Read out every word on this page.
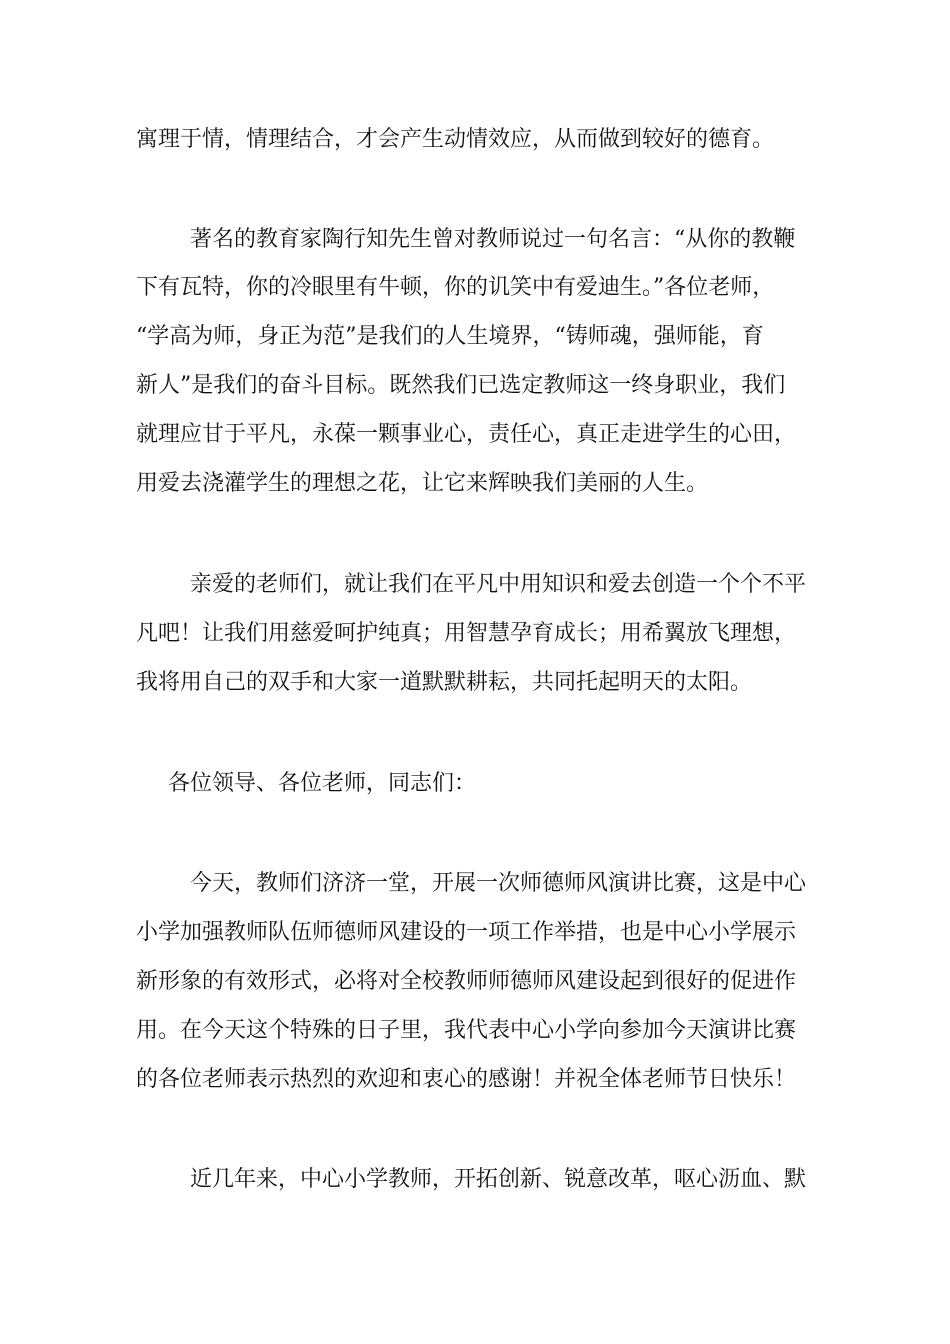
寓理于情，情理结合，才会产生动情效应，从而做到较好的德育。
著名的教育家陶行知先生曾对教师说过一句名言：“从你的教鞭
下有瓦特，你的冷眼里有牛顿，你的讥笑中有爱迪生。”各位老师，
“学高为师，身正为范”是我们的人生境界，“铸师魂，强师能，育
新人”是我们的奋斗目标。既然我们已选定教师这一终身职业，我们
就理应甘于平凡，永葆一颗事业心，责任心，真正走进学生的心田，
用爱去浇灌学生的理想之花，让它来辉映我们美丽的人生。
亲爱的老师们，就让我们在平凡中用知识和爱去创造一个个不平
凡吧！让我们用慈爱呵护纯真；用智慧孕育成长；用希翼放飞理想，
我将用自己的双手和大家一道默默耕耘，共同托起明天的太阳。
各位领导、各位老师，同志们：
今天，教师们济济一堂，开展一次师德师风演讲比赛，这是中心
小学加强教师队伍师德师风建设的一项工作举措，也是中心小学展示
新形象的有效形式，必将对全校教师师德师风建设起到很好的促进作
用。在今天这个特殊的日子里，我代表中心小学向参加今天演讲比赛
的各位老师表示热烈的欢迎和衷心的感谢！并祝全体老师节日快乐！
近几年来，中心小学教师，开拓创新、锐意改革，呕心沥血、默
